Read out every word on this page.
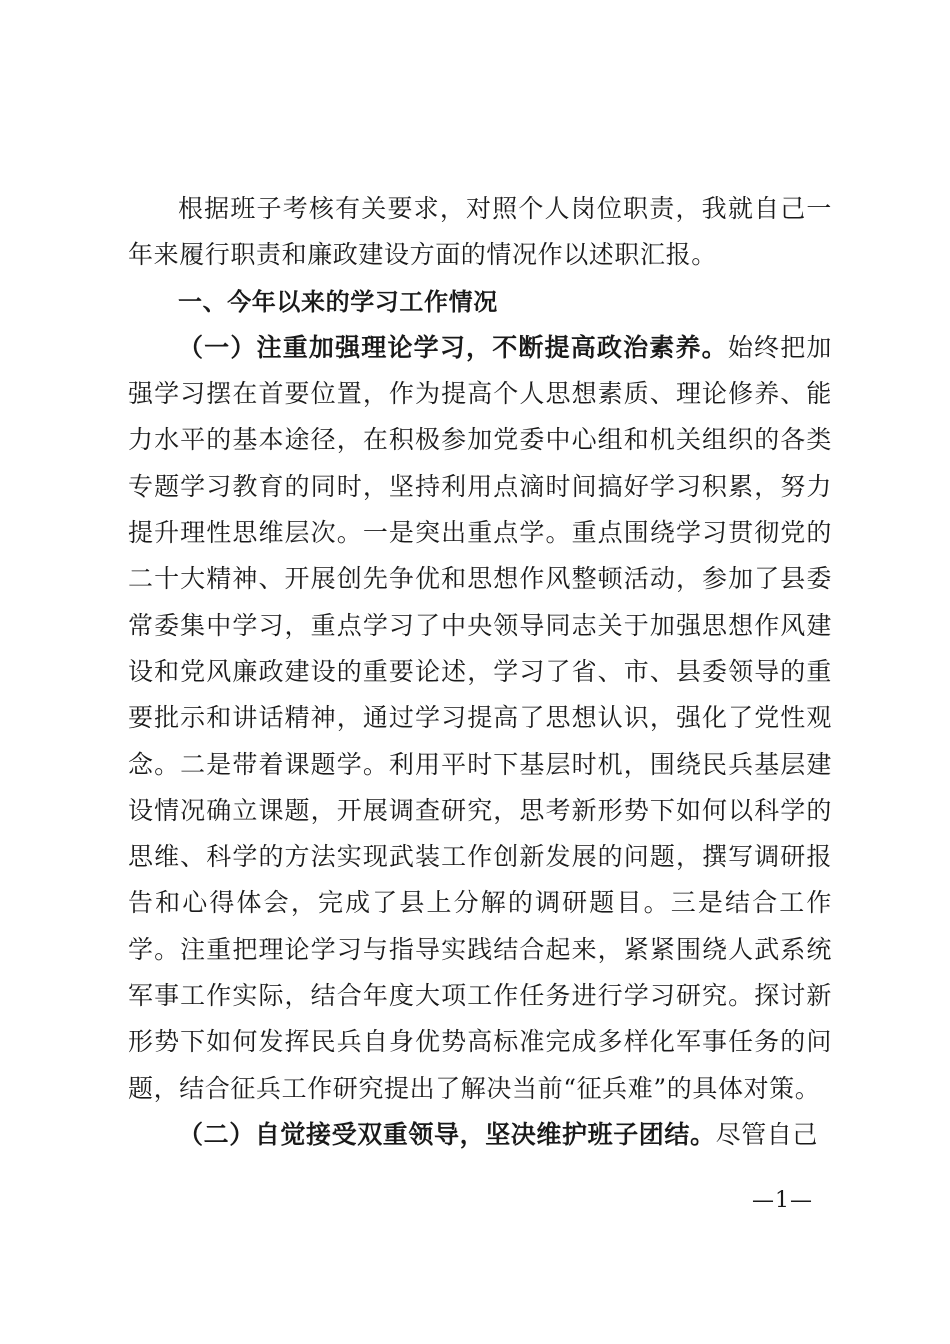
根据班子考核有关要求，对照个人岗位职责，我就自己一年来履行职责和廉政建设方面的情况作以述职汇报。

一、今年以来的学习工作情况

（一）注重加强理论学习，不断提高政治素养。始终把加强学习摆在首要位置，作为提高个人思想素质、理论修养、能力水平的基本途径，在积极参加党委中心组和机关组织的各类专题学习教育的同时，坚持利用点滴时间搞好学习积累，努力提升理性思维层次。一是突出重点学。重点围绕学习贯彻党的二十大精神、开展创先争优和思想作风整顿活动，参加了县委常委集中学习，重点学习了中央领导同志关于加强思想作风建设和党风廉政建设的重要论述，学习了省、市、县委领导的重要批示和讲话精神，通过学习提高了思想认识，强化了党性观念。二是带着课题学。利用平时下基层时机，围绕民兵基层建设情况确立课题，开展调查研究，思考新形势下如何以科学的思维、科学的方法实现武装工作创新发展的问题，撰写调研报告和心得体会，完成了县上分解的调研题目。三是结合工作学。注重把理论学习与指导实践结合起来，紧紧围绕人武系统军事工作实际，结合年度大项工作任务进行学习研究。探讨新形势下如何发挥民兵自身优势高标准完成多样化军事任务的问题，结合征兵工作研究提出了解决当前“征兵难”的具体对策。

（二）自觉接受双重领导，坚决维护班子团结。尽管自己

—1—
